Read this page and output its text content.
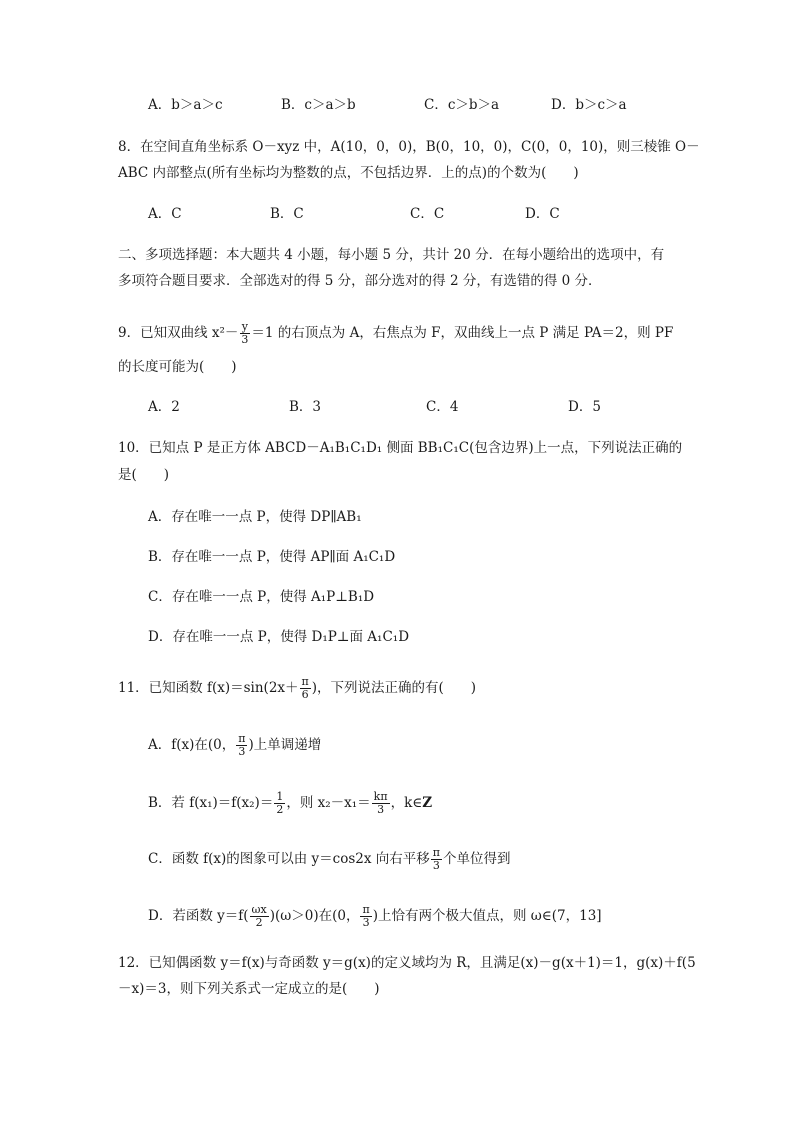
A．b＞a＞c	B．c＞a＞b	C．c＞b＞a	D．b＞c＞a
8．在空间直角坐标系 O－xyz 中，A(10，0，0)，B(0，10，0)，C(0，0，10)，则三棱锥 O－
ABC 内部整点(所有坐标均为整数的点，不包括边界．上的点)的个数为(　　)
A．C	B．C	C．C	D．C
二、多项选择题：本大题共 4 小题，每小题 5 分，共计 20 分．在每小题给出的选项中，有
多项符合题目要求．全部选对的得 5 分，部分选对的得 2 分，有选错的得 0 分．
9．已知双曲线 $x^2- \frac{y}{3} =1$ 的右顶点为 A，右焦点为 F，双曲线上一点 P 满足 PA＝2，则 PF
的长度可能为(　　)
A．2	B．3	C．4	D．5
10．已知点 P 是正方体 ABCD－A₁B₁C₁D₁ 侧面 BB₁C₁C(包含边界)上一点，下列说法正确的
是(　　)
A．存在唯一一点 P，使得 DP∥AB₁
B．存在唯一一点 P，使得 AP∥面 A₁C₁D
C．存在唯一一点 P，使得 A₁P⊥B₁D
D．存在唯一一点 P，使得 D₁P⊥面 A₁C₁D
11．已知函数 $f(x)=\sin(2x+ \frac{\pi}{6}$ )，下列说法正确的有(　　)
A．f(x)在(0， $\frac{\pi}{3}$ )上单调递增
B．若 $f(x_1)=f(x_2)= \frac{1}{2}$ ，则 $x_2-x_1= \frac{k\pi}{3}$ ，k∈Z
C．函数 f(x)的图象可以由 y＝cos2x 向右平移 $\frac{\pi}{3}$ 个单位得到
D．若函数 $y=f( \frac{\omega x}{2} )(\omega>0)$在(0， $\frac{\pi}{3}$ )上恰有两个极大值点，则 ω∈(7，13]
12．已知偶函数 y＝f(x)与奇函数 y＝g(x)的定义域均为 R，且满足(x)－g(x＋1)＝1，g(x)＋f(5
－x)＝3，则下列关系式一定成立的是(　　)
